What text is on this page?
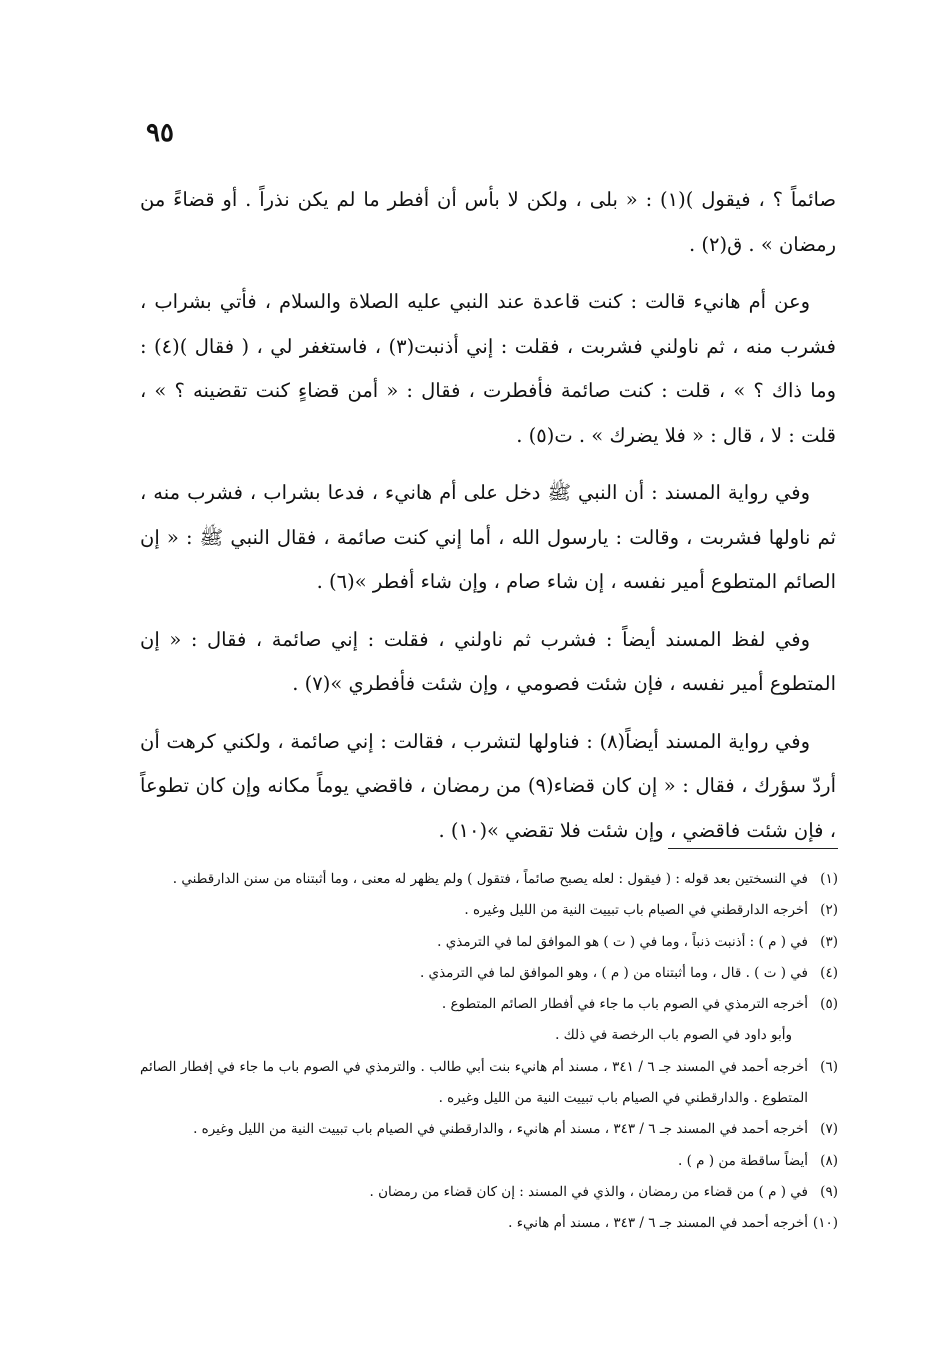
٩٥

صائماً ؟ ، فيقول )(١) : « بلى ، ولكن لا بأس أن أفطر ما لم يكن نذراً . أو قضاءً من رمضان » . ق(٢) .

وعن أم هانيء قالت : كنت قاعدة عند النبي عليه الصلاة والسلام ، فأتي بشراب ، فشرب منه ، ثم ناولني فشربت ، فقلت : إني أذنبت(٣) ، فاستغفر لي ، ( فقال )(٤) : وما ذاك ؟ » ، قلت : كنت صائمة فأفطرت ، فقال : « أمن قضاءٍ كنت تقضينه ؟ » ، قلت : لا ، قال : « فلا يضرك » . ت(٥) .

وفي رواية المسند : أن النبي ﷺ دخل على أم هانيء ، فدعا بشراب ، فشرب منه ، ثم ناولها فشربت ، وقالت : يارسول الله ، أما إني كنت صائمة ، فقال النبي ﷺ : « إن الصائم المتطوع أمير نفسه ، إن شاء صام ، وإن شاء أفطر »(٦) .

وفي لفظ المسند أيضاً : فشرب ثم ناولني ، فقلت : إني صائمة ، فقال : « إن المتطوع أمير نفسه ، فإن شئت فصومي ، وإن شئت فأفطري »(٧) .

وفي رواية المسند أيضاً(٨) : فناولها لتشرب ، فقالت : إني صائمة ، ولكني كرهت أن أردّ سؤرك ، فقال : « إن كان قضاء(٩) من رمضان ، فاقضي يوماً مكانه وإن كان تطوعاً ، فإن شئت فاقضي ، وإن شئت فلا تقضي »(١٠) .

(١)
في النسختين بعد قوله : ( فيقول : لعله يصبح صائماً ، فتقول ) ولم يظهر له معنى ، وما أثبتناه من سنن الدارقطني .

(٢)
أخرجه الدارقطني في الصيام باب تبييت النية من الليل وغيره .

(٣)
في ( م ) : أذنبت ذنباً ، وما في ( ت ) هو الموافق لما في الترمذي .

(٤)
في ( ت ) . قال ، وما أثبتناه من ( م ) ، وهو الموافق لما في الترمذي .

(٥)
أخرجه الترمذي في الصوم باب ما جاء في أفطار الصائم المتطوع .

وأبو داود في الصوم باب الرخصة في ذلك .

(٦)
أخرجه أحمد في المسند جـ ٦ / ٣٤١ ، مسند أم هانيء بنت أبي طالب . والترمذي في الصوم باب ما جاء في إفطار الصائم المتطوع . والدارقطني في الصيام باب تبييت النية من الليل وغيره .

(٧)
أخرجه أحمد في المسند جـ ٦ / ٣٤٣ ، مسند أم هانيء ، والدارقطني في الصيام باب تبييت النية من الليل وغيره .

(٨)
أيضاً ساقطة من ( م ) .

(٩)
في ( م ) من قضاء من رمضان ، والذي في المسند : إن كان قضاء من رمضان .

(١٠)
أخرجه أحمد في المسند جـ ٦ / ٣٤٣ ، مسند أم هانيء .
